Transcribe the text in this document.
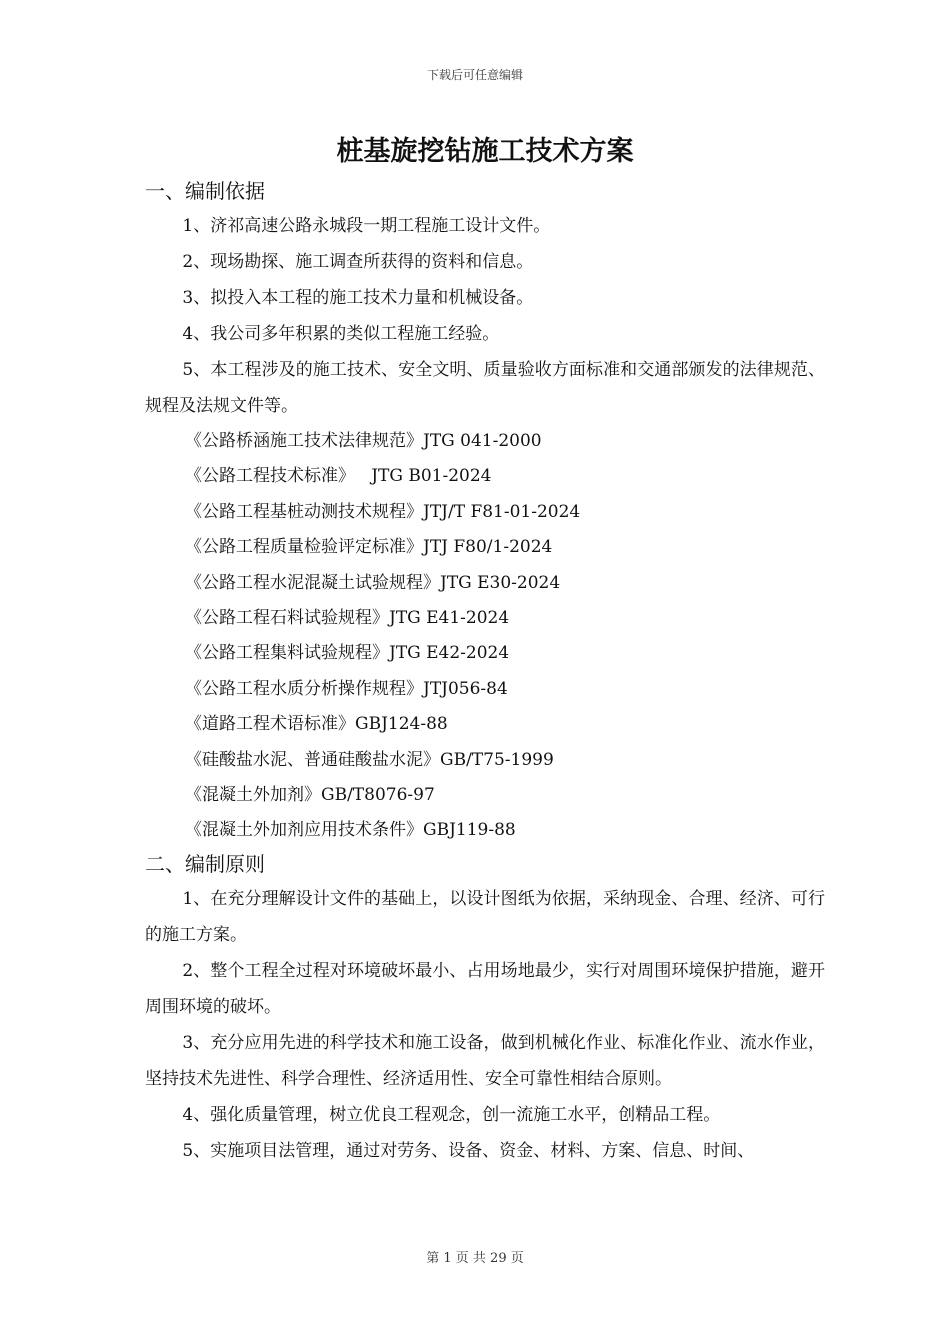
下载后可任意编辑
桩基旋挖钻施工技术方案
一、编制依据
1、济祁高速公路永城段一期工程施工设计文件。
2、现场勘探、施工调查所获得的资料和信息。
3、拟投入本工程的施工技术力量和机械设备。
4、我公司多年积累的类似工程施工经验。
5、本工程涉及的施工技术、安全文明、质量验收方面标准和交通部颁发的法律规范、规程及法规文件等。
《公路桥涵施工技术法律规范》JTG 041-2000
《公路工程技术标准》   JTG B01-2024
《公路工程基桩动测技术规程》JTJ/T F81-01-2024
《公路工程质量检验评定标准》JTJ F80/1-2024
《公路工程水泥混凝土试验规程》JTG E30-2024
《公路工程石料试验规程》JTG E41-2024
《公路工程集料试验规程》JTG E42-2024
《公路工程水质分析操作规程》JTJ056-84
《道路工程术语标准》GBJ124-88
《硅酸盐水泥、普通硅酸盐水泥》GB/T75-1999
《混凝土外加剂》GB/T8076-97
《混凝土外加剂应用技术条件》GBJ119-88
二、编制原则
1、在充分理解设计文件的基础上，以设计图纸为依据，采纳现金、合理、经济、可行的施工方案。
2、整个工程全过程对环境破坏最小、占用场地最少，实行对周围环境保护措施，避开周围环境的破坏。
3、充分应用先进的科学技术和施工设备，做到机械化作业、标准化作业、流水作业，坚持技术先进性、科学合理性、经济适用性、安全可靠性相结合原则。
4、强化质量管理，树立优良工程观念，创一流施工水平，创精品工程。
5、实施项目法管理，通过对劳务、设备、资金、材料、方案、信息、时间、
第 1 页 共 29 页
